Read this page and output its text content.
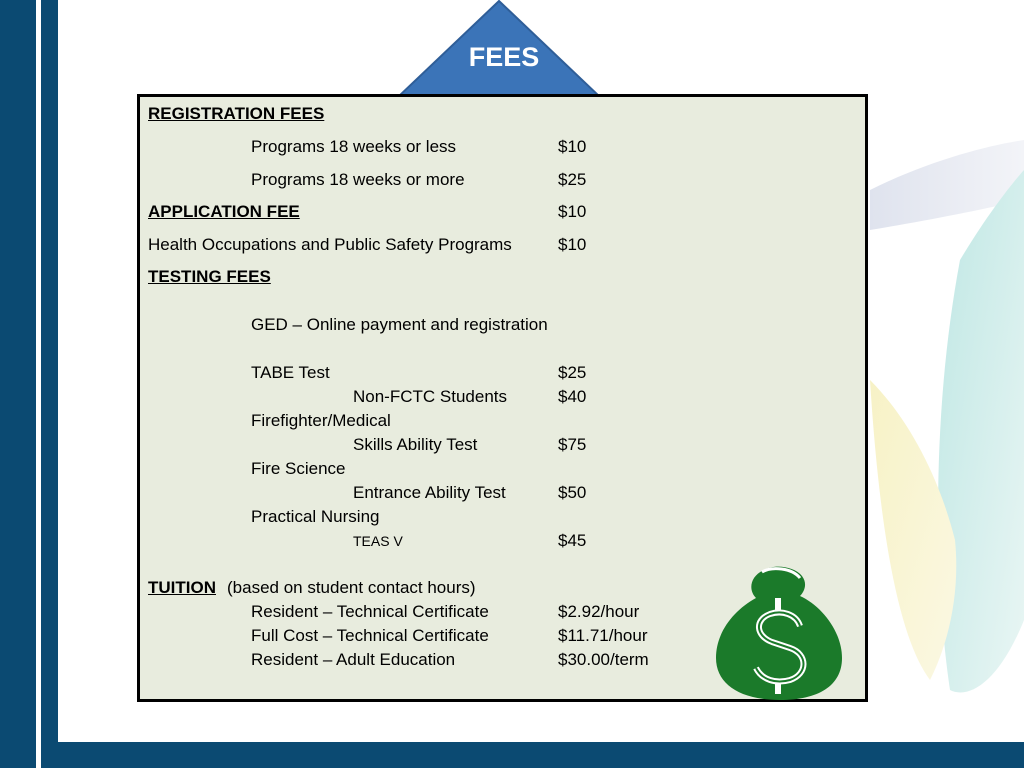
FEES
REGISTRATION FEES
Programs 18 weeks or less	$10
Programs 18 weeks or more	$25
APPLICATION FEE	$10
Health Occupations and Public Safety Programs	$10
TESTING FEES
GED – Online payment and registration
TABE Test	$25
Non-FCTC Students	$40
Firefighter/Medical
Skills Ability Test	$75
Fire Science
Entrance Ability Test	$50
Practical Nursing
TEAS V	$45
TUITION (based on student contact hours)
Resident – Technical Certificate	$2.92/hour
Full Cost – Technical Certificate	$11.71/hour
Resident – Adult Education	$30.00/term
